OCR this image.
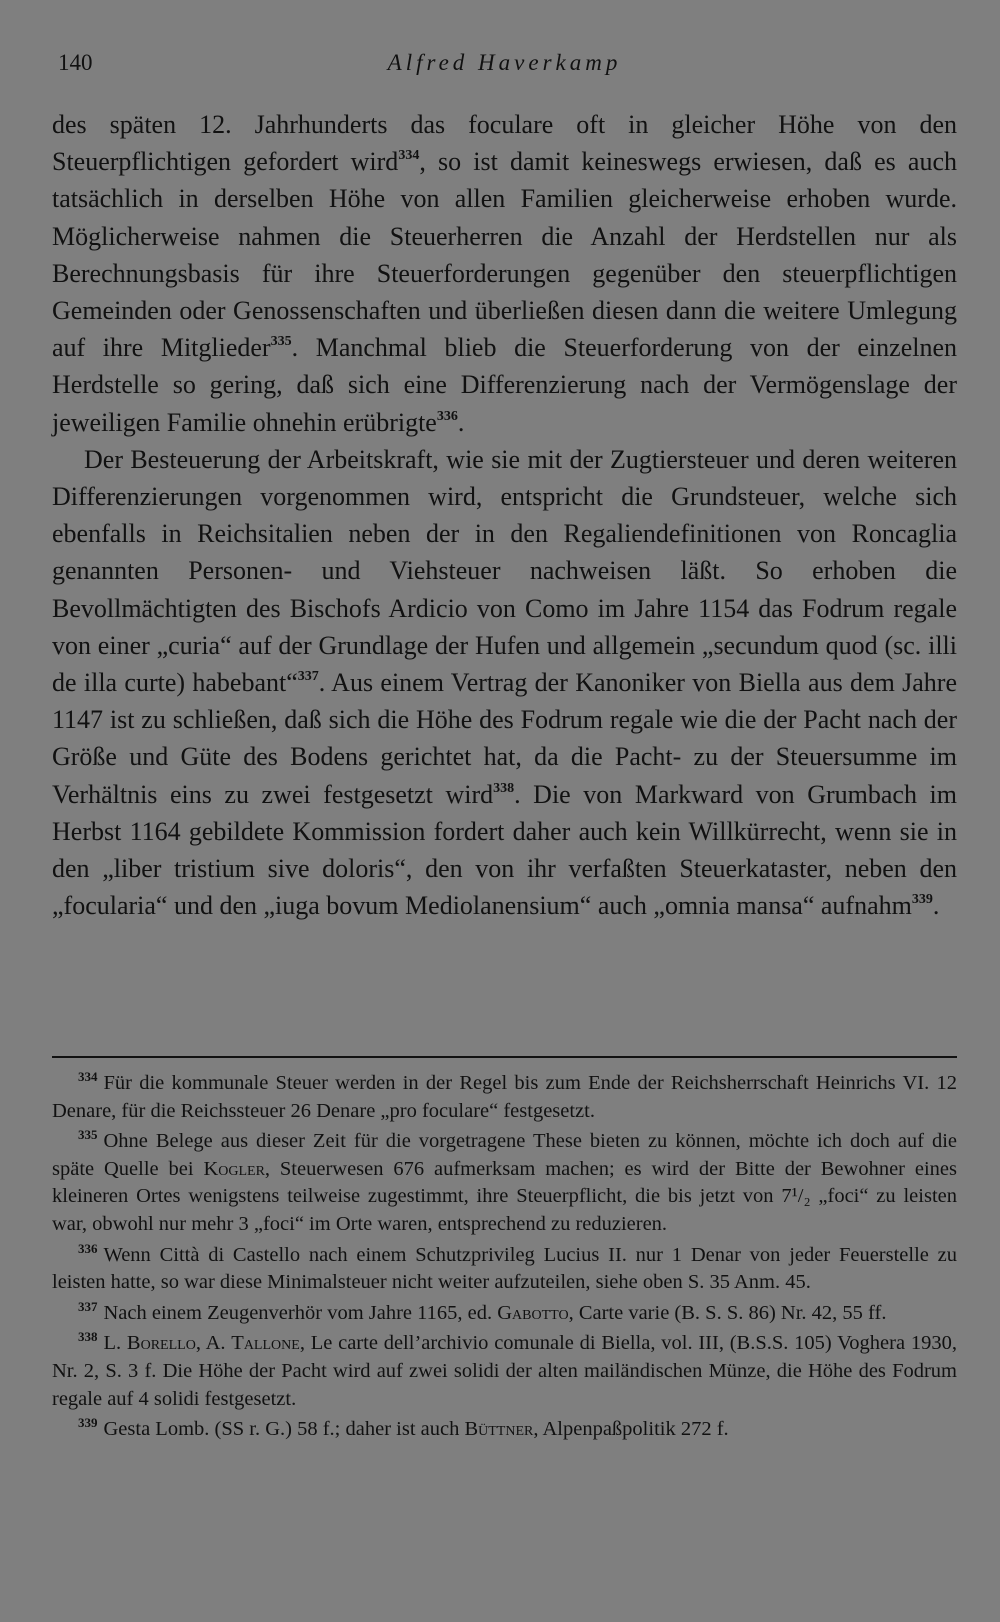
140	Alfred Haverkamp

des späten 12. Jahrhunderts das foculare oft in gleicher Höhe von den Steuerpflichtigen gefordert wird$^{334}$, so ist damit keineswegs erwiesen, daß es auch tatsächlich in derselben Höhe von allen Familien gleicherweise erhoben wurde. Möglicherweise nahmen die Steuerherren die Anzahl der Herdstellen nur als Berechnungsbasis für ihre Steuerforderungen gegenüber den steuerpflichtigen Gemeinden oder Genossenschaften und überließen diesen dann die weitere Umlegung auf ihre Mitglieder$^{335}$. Manchmal blieb die Steuerforderung von der einzelnen Herdstelle so gering, daß sich eine Differenzierung nach der Vermögenslage der jeweiligen Familie ohnehin erübrigte$^{336}$.

Der Besteuerung der Arbeitskraft, wie sie mit der Zugtiersteuer und deren weiteren Differenzierungen vorgenommen wird, entspricht die Grundsteuer, welche sich ebenfalls in Reichsitalien neben der in den Regaliendefinitionen von Roncaglia genannten Personen- und Viehsteuer nachweisen läßt. So erhoben die Bevollmächtigten des Bischofs Ardicio von Como im Jahre 1154 das Fodrum regale von einer „curia“ auf der Grundlage der Hufen und allgemein „secundum quod (sc. illi de illa curte) habebant“$^{337}$. Aus einem Vertrag der Kanoniker von Biella aus dem Jahre 1147 ist zu schließen, daß sich die Höhe des Fodrum regale wie die der Pacht nach der Größe und Güte des Bodens gerichtet hat, da die Pacht- zu der Steuersumme im Verhältnis eins zu zwei festgesetzt wird$^{338}$. Die von Markward von Grumbach im Herbst 1164 gebildete Kommission fordert daher auch kein Willkürrecht, wenn sie in den „liber tristium sive doloris“, den von ihr verfaßten Steuerkataster, neben den „focularia“ und den „iuga bovum Mediolanensium“ auch „omnia mansa“ aufnahm$^{339}$.

$^{334}$ Für die kommunale Steuer werden in der Regel bis zum Ende der Reichsherrschaft Heinrichs VI. 12 Denare, für die Reichssteuer 26 Denare „pro foculare“ festgesetzt.

$^{335}$ Ohne Belege aus dieser Zeit für die vorgetragene These bieten zu können, möchte ich doch auf die späte Quelle bei Kogler, Steuerwesen 676 aufmerksam machen; es wird der Bitte der Bewohner eines kleineren Ortes wenigstens teilweise zugestimmt, ihre Steuerpflicht, die bis jetzt von 7¹/₂ „foci“ zu leisten war, obwohl nur mehr 3 „foci“ im Orte waren, entsprechend zu reduzieren.

$^{336}$ Wenn Città di Castello nach einem Schutzprivileg Lucius II. nur 1 Denar von jeder Feuerstelle zu leisten hatte, so war diese Minimalsteuer nicht weiter aufzuteilen, siehe oben S. 35 Anm. 45.

$^{337}$ Nach einem Zeugenverhör vom Jahre 1165, ed. Gabotto, Carte varie (B. S. S. 86) Nr. 42, 55 ff.

$^{338}$ L. Borello, A. Tallone, Le carte dell’archivio comunale di Biella, vol. III, (B.S.S. 105) Voghera 1930, Nr. 2, S. 3 f. Die Höhe der Pacht wird auf zwei solidi der alten mailändischen Münze, die Höhe des Fodrum regale auf 4 solidi festgesetzt.

$^{339}$ Gesta Lomb. (SS r. G.) 58 f.; daher ist auch Büttner, Alpenpaßpolitik 272 f.
